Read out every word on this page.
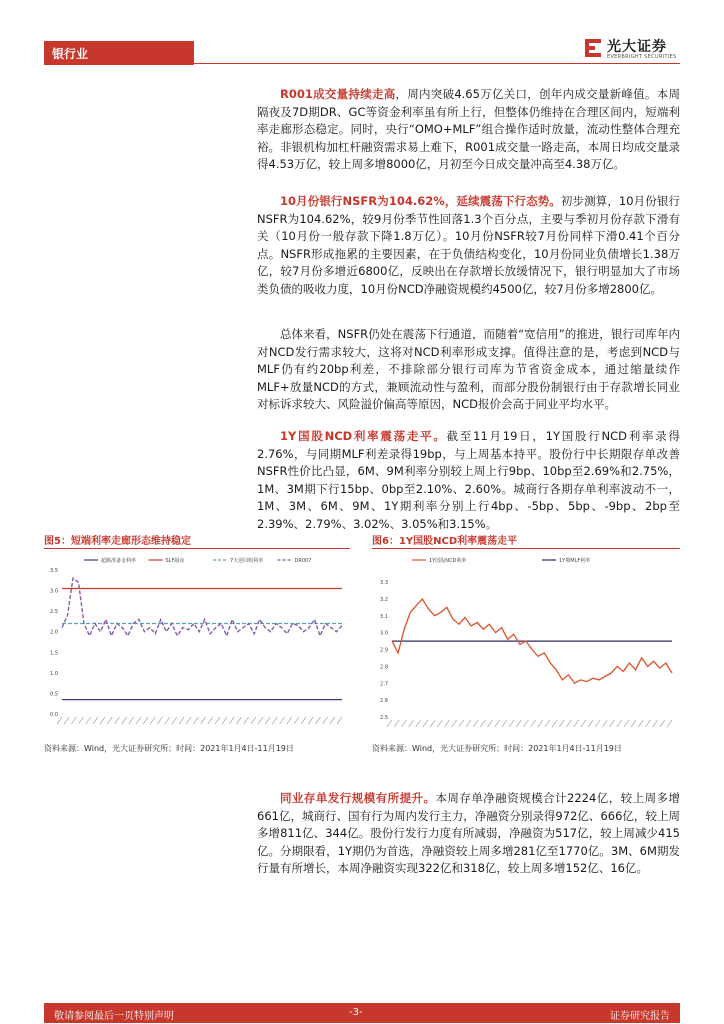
银行业	光大证券
EVERBRIGHT SECURITIES

R001成交量持续走高，周内突破4.65万亿关口，创年内成交量新峰值。本周隔夜及7D期DR、GC等资金利率虽有所上行，但整体仍维持在合理区间内，短端利率走廊形态稳定。同时，央行“OMO+MLF”组合操作适时放量，流动性整体合理充裕。非银机构加杠杆融资需求易上难下，R001成交量一路走高，本周日均成交量录得4.53万亿，较上周多增8000亿，月初至今日成交量冲高至4.38万亿。

10月份银行NSFR为104.62%，延续震荡下行态势。初步测算，10月份银行NSFR为104.62%，较9月份季节性回落1.3个百分点，主要与季初月份存款下滑有关（10月份一般存款下降1.8万亿）。10月份NSFR较7月份同样下滑0.41个百分点。NSFR形成拖累的主要因素，在于负债结构变化，10月份同业负债增长1.38万亿，较7月份多增近6800亿，反映出在存款增长放缓情况下，银行明显加大了市场类负债的吸收力度，10月份NCD净融资规模约4500亿，较7月份多增2800亿。

总体来看，NSFR仍处在震荡下行通道，而随着“宽信用”的推进，银行司库年内对NCD发行需求较大，这将对NCD利率形成支撑。值得注意的是，考虑到NCD与MLF仍有约20bp利差，不排除部分银行司库为节省资金成本，通过缩量续作MLF+放量NCD的方式，兼顾流动性与盈利，而部分股份制银行由于存款增长同业对标诉求较大、风险溢价偏高等原因，NCD报价会高于同业平均水平。

1Y国股NCD利率震荡走平。截至11月19日，1Y国股行NCD利率录得2.76%，与同期MLF利差录得19bp，与上周基本持平。股份行中长期限存单改善NSFR性价比凸显，6M、9M利率分别较上周上行9bp、10bp至2.69%和2.75%，1M、3M期下行15bp、0bp至2.10%、2.60%。城商行各期存单利率波动不一，1M、3M、6M、9M、1Y期利率分别上行4bp、-5bp、5bp、-9bp、2bp至2.39%、2.79%、3.02%、3.05%和3.15%。

图5：短端利率走廊形态维持稳定
3.5
3.0
2.5
2.0
1.5
1.0
0.5
0.0
超额准备金利率	SLF隔夜	7天逆回购利率	DR007
资料来源：Wind，光大证券研究所；时间：2021年1月4日-11月19日
图6：1Y国股NCD利率震荡走平
3.3
3.2
3.1
3.0
2.9
2.8
2.7
2.6
2.5
1Y国股NCD利率	1Y期MLF利率
资料来源：Wind，光大证券研究所；时间：2021年1月4日-11月19日

同业存单发行规模有所提升。本周存单净融资规模合计2224亿，较上周多增661亿，城商行、国有行为周内发行主力，净融资分别录得972亿、666亿，较上周多增811亿、344亿。股份行发行力度有所减弱，净融资为517亿，较上周减少415亿。分期限看，1Y期仍为首选，净融资较上周多增281亿至1770亿。3M、6M期发行量有所增长，本周净融资实现322亿和318亿，较上周多增152亿、16亿。

敬请参阅最后一页特别声明	-3-	证券研究报告
